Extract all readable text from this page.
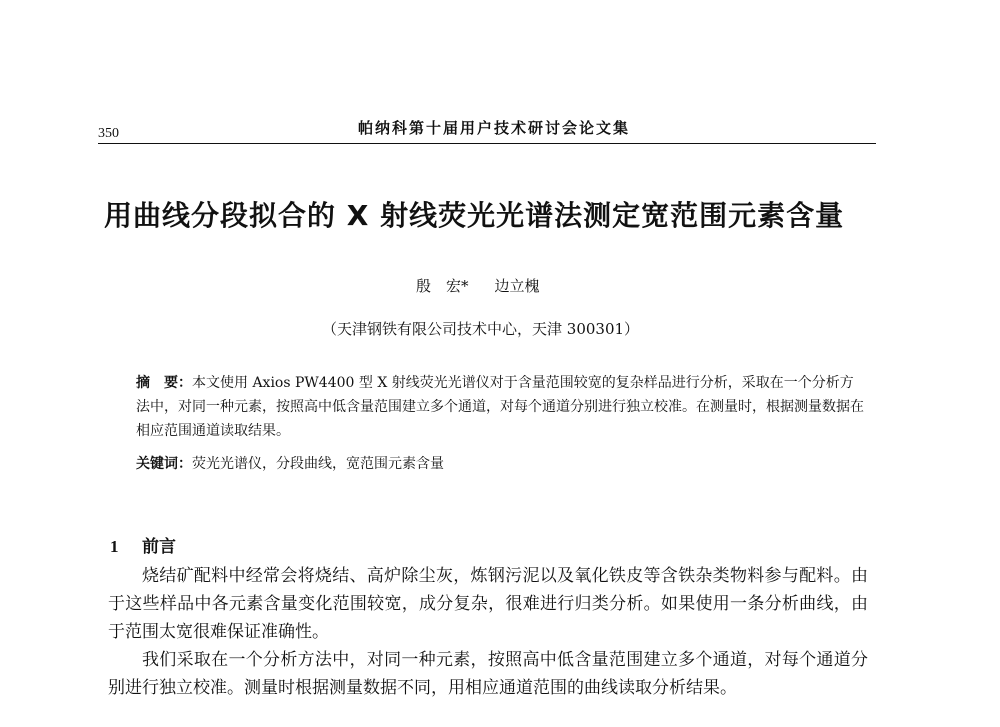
350	帕纳科第十届用户技术研讨会论文集
用曲线分段拟合的 X 射线荧光光谱法测定宽范围元素含量
殷　宏* 边立槐
（天津钢铁有限公司技术中心，天津 300301）
摘　要：本文使用 Axios PW4400 型 X 射线荧光光谱仪对于含量范围较宽的复杂样品进行分析，采取在一个分析方法中，对同一种元素，按照高中低含量范围建立多个通道，对每个通道分别进行独立校准。在测量时，根据测量数据在相应范围通道读取结果。
关键词：荧光光谱仪，分段曲线，宽范围元素含量
1 前言

烧结矿配料中经常会将烧结、高炉除尘灰，炼钢污泥以及氧化铁皮等含铁杂类物料参与配料。由于这些样品中各元素含量变化范围较宽，成分复杂，很难进行归类分析。如果使用一条分析曲线，由于范围太宽很难保证准确性。

我们采取在一个分析方法中，对同一种元素，按照高中低含量范围建立多个通道，对每个通道分别进行独立校准。测量时根据测量数据不同，用相应通道范围的曲线读取分析结果。
